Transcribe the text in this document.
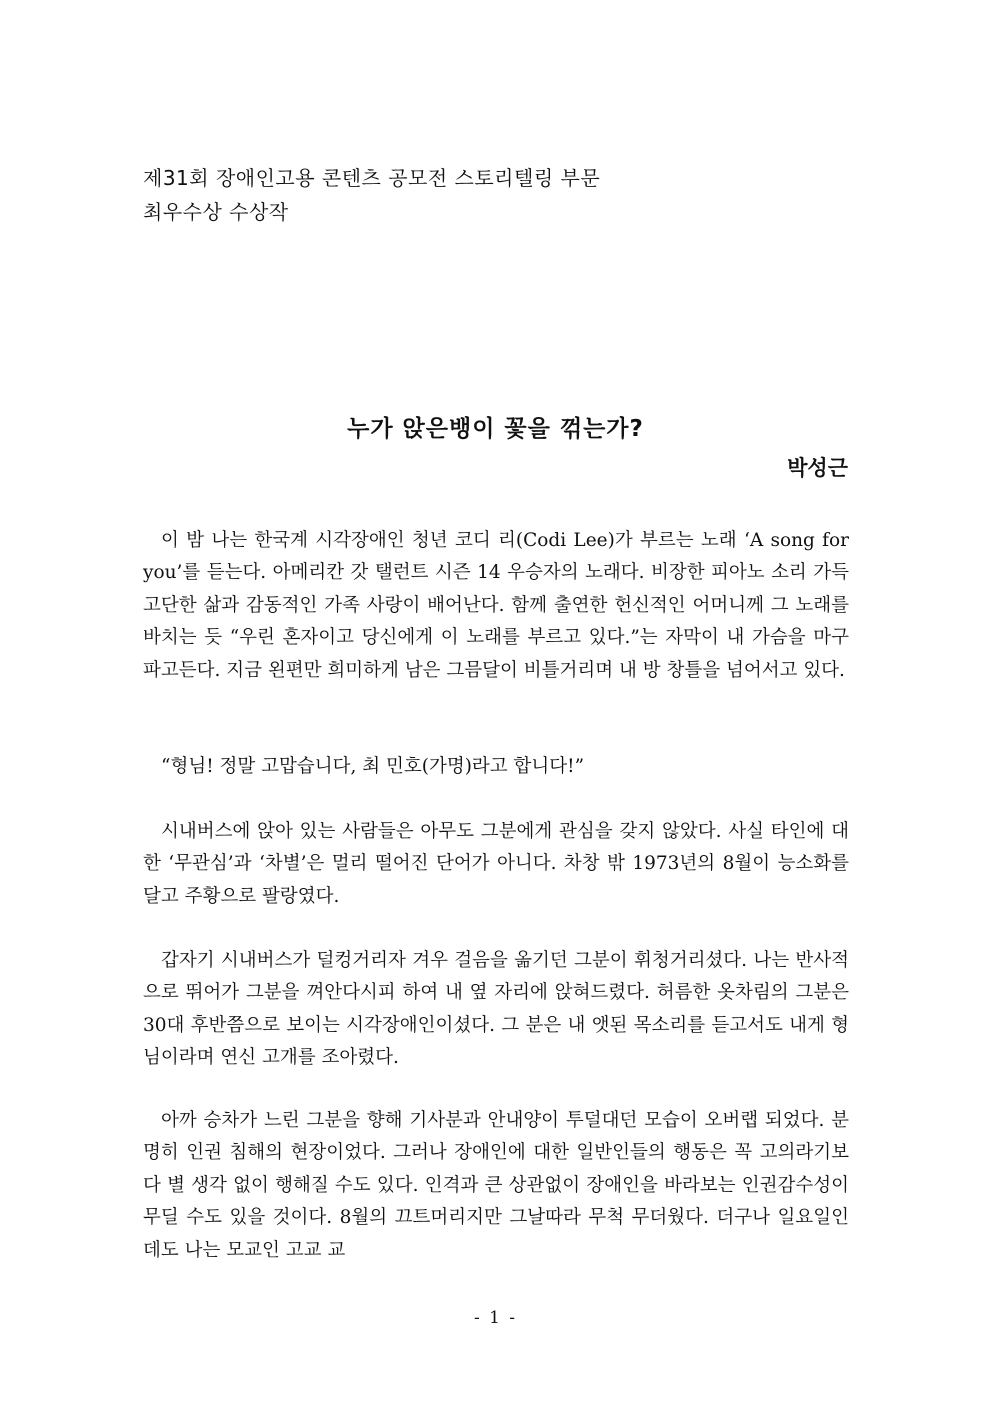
제31회 장애인고용 콘텐츠 공모전 스토리텔링 부문
최우수상 수상작
누가 앉은뱅이 꽃을 꺾는가?
박성근

이 밤 나는 한국계 시각장애인 청년 코디 리(Codi Lee)가 부르는 노래 ‘A song for you’를 듣는다. 아메리칸 갓 탤런트 시즌 14 우승자의 노래다. 비장한 피아노 소리 가득 고단한 삶과 감동적인 가족 사랑이 배어난다. 함께 출연한 헌신적인 어머니께 그 노래를 바치는 듯 “우린 혼자이고 당신에게 이 노래를 부르고 있다.”는 자막이 내 가슴을 마구 파고든다. 지금 왼편만 희미하게 남은 그믐달이 비틀거리며 내 방 창틀을 넘어서고 있다.

“형님! 정말 고맙습니다, 최 민호(가명)라고 합니다!”

시내버스에 앉아 있는 사람들은 아무도 그분에게 관심을 갖지 않았다. 사실 타인에 대한 ‘무관심’과 ‘차별’은 멀리 떨어진 단어가 아니다. 차창 밖 1973년의 8월이 능소화를 달고 주황으로 팔랑였다.

갑자기 시내버스가 덜컹거리자 겨우 걸음을 옮기던 그분이 휘청거리셨다. 나는 반사적으로 뛰어가 그분을 껴안다시피 하여 내 옆 자리에 앉혀드렸다. 허름한 옷차림의 그분은 30대 후반쯤으로 보이는 시각장애인이셨다. 그 분은 내 앳된 목소리를 듣고서도 내게 형님이라며 연신 고개를 조아렸다.

아까 승차가 느린 그분을 향해 기사분과 안내양이 투덜대던 모습이 오버랩 되었다. 분명히 인권 침해의 현장이었다. 그러나 장애인에 대한 일반인들의 행동은 꼭 고의라기보다 별 생각 없이 행해질 수도 있다. 인격과 큰 상관없이 장애인을 바라보는 인권감수성이 무딜 수도 있을 것이다. 8월의 끄트머리지만 그날따라 무척 무더웠다. 더구나 일요일인데도 나는 모교인 고교 교

- 1 -
